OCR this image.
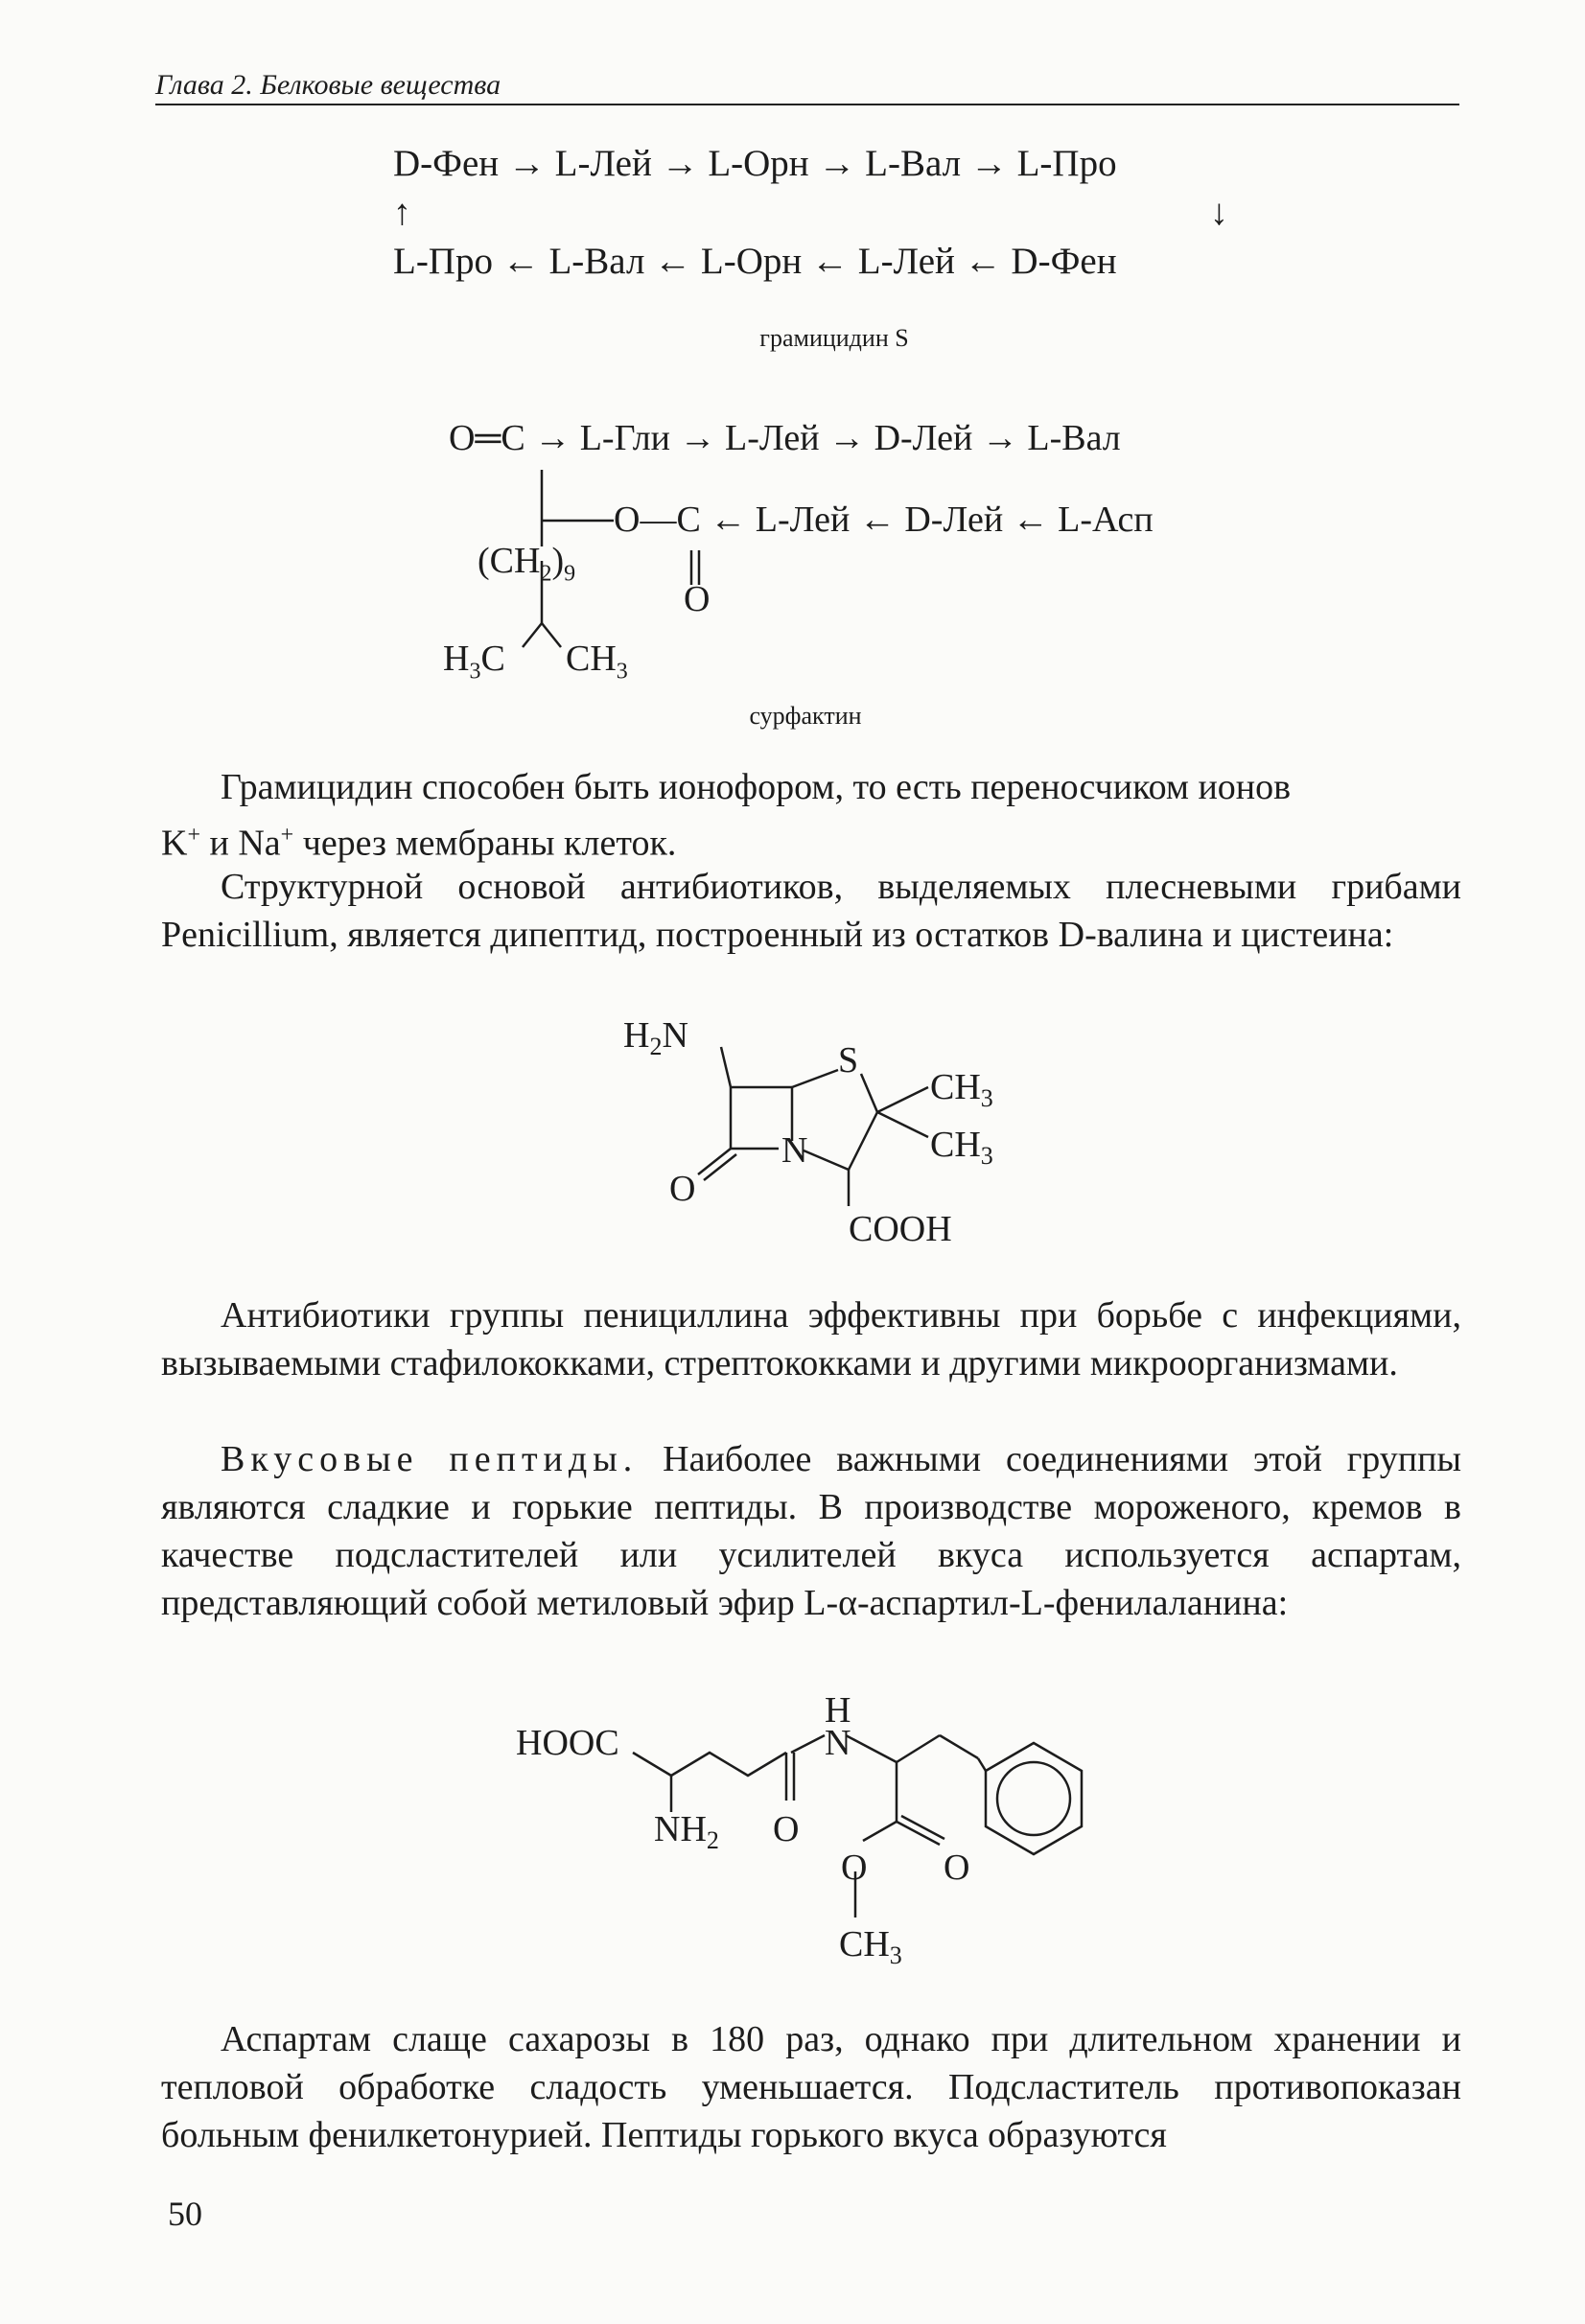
Глава 2. Белковые вещества
D-Фен → L-Лей → L-Орн → L-Вал → L-Про
↑	↓
L-Про ← L-Вал ← L-Орн ← L-Лей ← D-Фен
грамицидин S
O═C → L-Гли → L-Лей → D-Лей → L-Вал
O—C ← L-Лей ← D-Лей ← L-Асп
O
$(CH_2)_9$
$H_3C$ $CH_3$
сурфактин
Грамицидин способен быть ионофором, то есть переносчиком ионов
K+ и Na+ через мембраны клеток.
Структурной основой антибиотиков, выделяемых плесневыми грибами Penicillium, является дипептид, построенный из остатков D-валина и цистеина:
$H_2N$
S
N
O
$CH_3$
$CH_3$
COOH
Антибиотики группы пенициллина эффективны при борьбе с инфекциями, вызываемыми стафилококками, стрептококками и другими микроорганизмами.
Вкусовые пептиды. Наиболее важными соединениями этой группы являются сладкие и горькие пептиды. В производстве мороженого, кремов в качестве подсластителей или усилителей вкуса используется аспартам, представляющий собой метиловый эфир L-α-аспартил-L-фенилаланина:
HOOC
$NH_2$ O
H
N
O O
$CH_3$
Аспартам слаще сахарозы в 180 раз, однако при длительном хранении и тепловой обработке сладость уменьшается. Подсластитель противопоказан больным фенилкетонурией. Пептиды горького вкуса образуются
50
